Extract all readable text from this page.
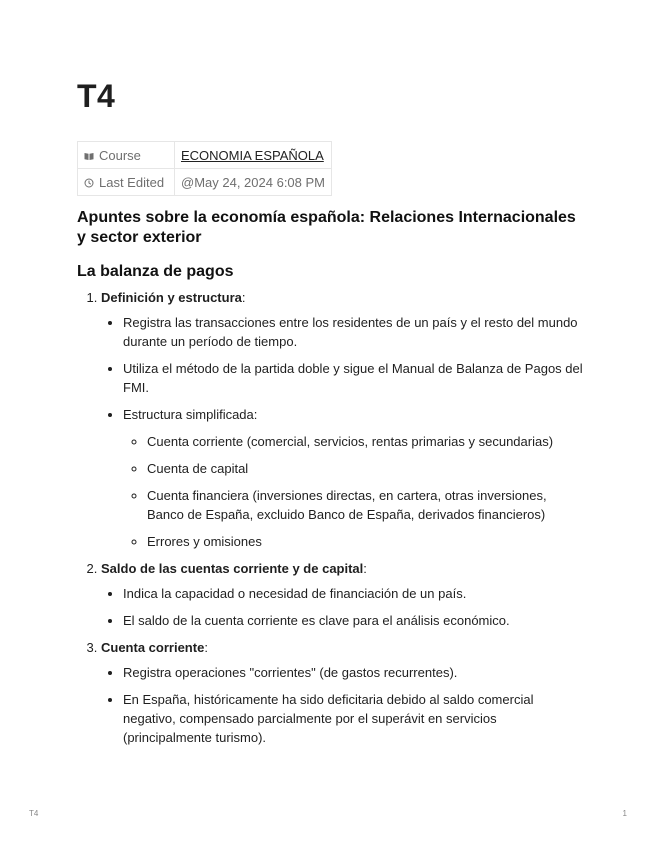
T4
Course	ECONOMIA ESPAÑOLA
Last Edited	@May 24, 2024 6:08 PM
Apuntes sobre la economía española: Relaciones Internacionales y sector exterior
La balanza de pagos
1. Definición y estructura:
• Registra las transacciones entre los residentes de un país y el resto del mundo durante un período de tiempo.
• Utiliza el método de la partida doble y sigue el Manual de Balanza de Pagos del FMI.
• Estructura simplificada:
◦ Cuenta corriente (comercial, servicios, rentas primarias y secundarias)
◦ Cuenta de capital
◦ Cuenta financiera (inversiones directas, en cartera, otras inversiones, Banco de España, excluido Banco de España, derivados financieros)
◦ Errores y omisiones
2. Saldo de las cuentas corriente y de capital:
• Indica la capacidad o necesidad de financiación de un país.
• El saldo de la cuenta corriente es clave para el análisis económico.
3. Cuenta corriente:
• Registra operaciones "corrientes" (de gastos recurrentes).
• En España, históricamente ha sido deficitaria debido al saldo comercial negativo, compensado parcialmente por el superávit en servicios (principalmente turismo).
T4	1
